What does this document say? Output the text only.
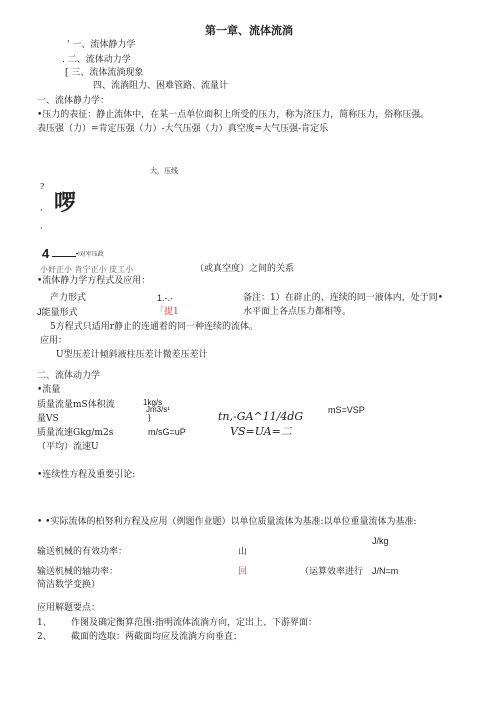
第一章、流体流淌
' 一、流体静力学
. 二、流体动力学
[ 三、流体流淌现象
四、流淌阻力、困难管路、流量计
一、流体静力学：
•压力的表征：静止流体中，在某一点单位面积上所受的压力，称为济压力，简称压力，俗称压强。
表压强（力）=肯定压强（力）-大气压强（力）真空度=大气压强-肯定乐
大，压线
?
‘
‘
啰
4	•!对军压政
小好正小 肯宁正小 皮工小	（或真空度）之间的关系
•流体静力学方程式及应用：
产力形式	1.-.·	备注：1）在辟止的、连续的同一液体内，处于同•
J能量形式	「提1	水平面上各点压力都相等。
5方程式只适用r静止的连通着的同一种连续的流体。
应用：
U型压差计倾斜液柱压差计微差压差计
二、流体动力学
•流量
质量流量mS体积流
量VS
质量流速Gkg/m2s
（平均）流速U
1kg/s
Jm3/s¹
}
m/sG=uP
tn,-GA^11/4dG
VS=UA=二
mS=VSP
•连续性方程及重要引论:
• •实际流体的柏努利方程及应用（例题作业题）以单位质量流体为基准:以单位重量流体为基准:
J/kg
输送机械的有效功率：	山
输送机械的轴功率：	回	（运算效率进行 J/N=m
简洁数学变换）
应用解题要点：
1、 作图及确定衡算范围:指明流体流淌方向，定出上、下游界面：
2、 截面的选取：两截面均应及流淌方向垂直；
